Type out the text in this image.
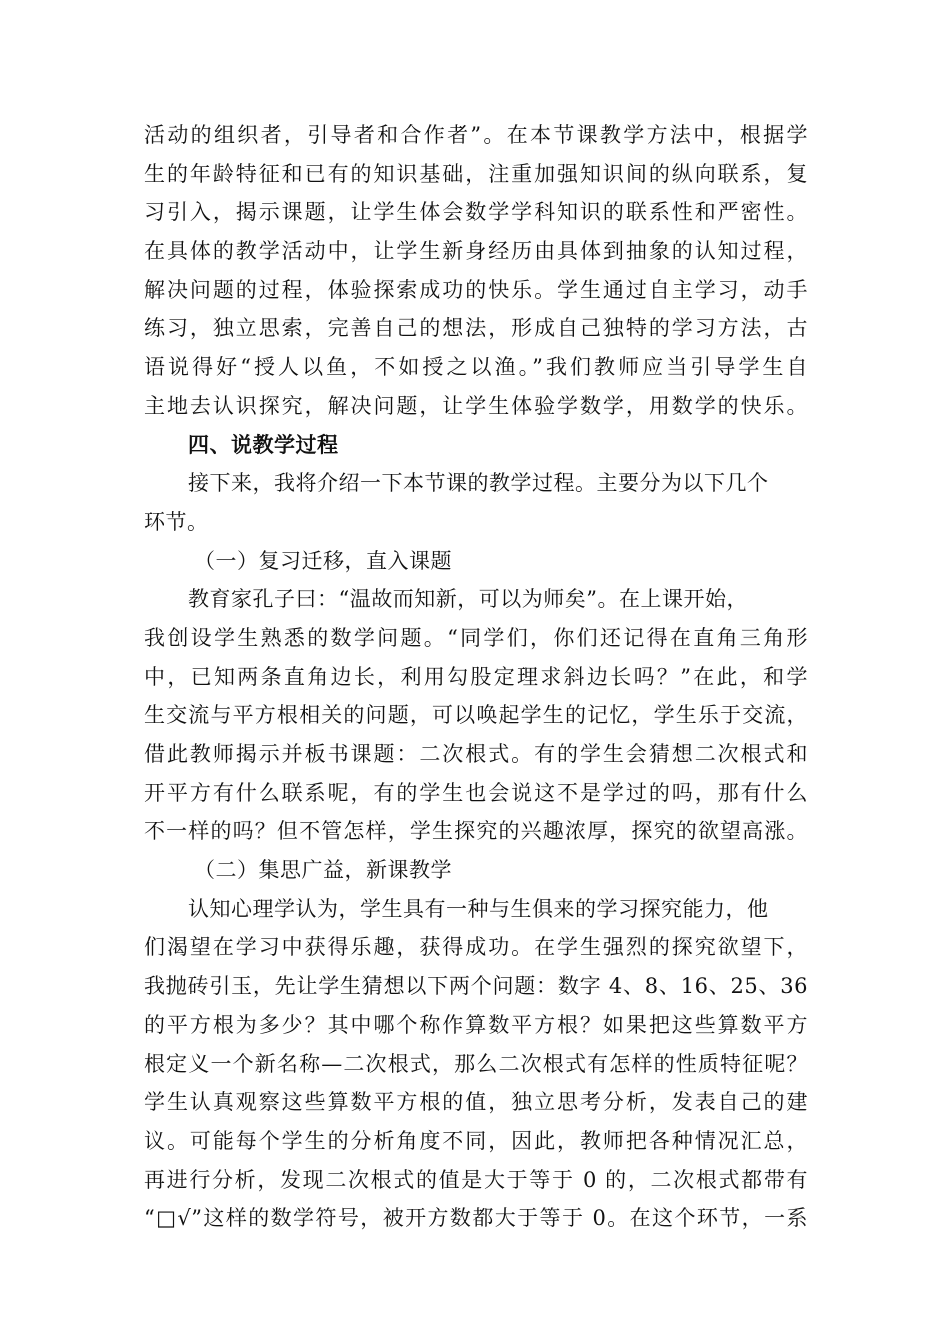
活动的组织者，引导者和合作者”。在本节课教学方法中，根据学
生的年龄特征和已有的知识基础，注重加强知识间的纵向联系，复
习引入，揭示课题，让学生体会数学学科知识的联系性和严密性。
在具体的教学活动中，让学生新身经历由具体到抽象的认知过程，
解决问题的过程，体验探索成功的快乐。学生通过自主学习，动手
练习，独立思索，完善自己的想法，形成自己独特的学习方法，古
语说得好“授人以鱼，不如授之以渔。”我们教师应当引导学生自
主地去认识探究，解决问题，让学生体验学数学，用数学的快乐。
四、说教学过程
接下来，我将介绍一下本节课的教学过程。主要分为以下几个
环节。
（一）复习迁移，直入课题
教育家孔子曰：“温故而知新，可以为师矣”。在上课开始，
我创设学生熟悉的数学问题。“同学们，你们还记得在直角三角形
中，已知两条直角边长，利用勾股定理求斜边长吗？”在此，和学
生交流与平方根相关的问题，可以唤起学生的记忆，学生乐于交流，
借此教师揭示并板书课题：二次根式。有的学生会猜想二次根式和
开平方有什么联系呢，有的学生也会说这不是学过的吗，那有什么
不一样的吗？但不管怎样，学生探究的兴趣浓厚，探究的欲望高涨。
（二）集思广益，新课教学
认知心理学认为，学生具有一种与生俱来的学习探究能力，他
们渴望在学习中获得乐趣，获得成功。在学生强烈的探究欲望下，
我抛砖引玉，先让学生猜想以下两个问题：数字 4、8、16、25、36
的平方根为多少？其中哪个称作算数平方根？如果把这些算数平方
根定义一个新名称—二次根式，那么二次根式有怎样的性质特征呢？
学生认真观察这些算数平方根的值，独立思考分析，发表自己的建
议。可能每个学生的分析角度不同，因此，教师把各种情况汇总，
再进行分析，发现二次根式的值是大于等于 0 的，二次根式都带有
“□√”这样的数学符号，被开方数都大于等于 0。在这个环节，一系
